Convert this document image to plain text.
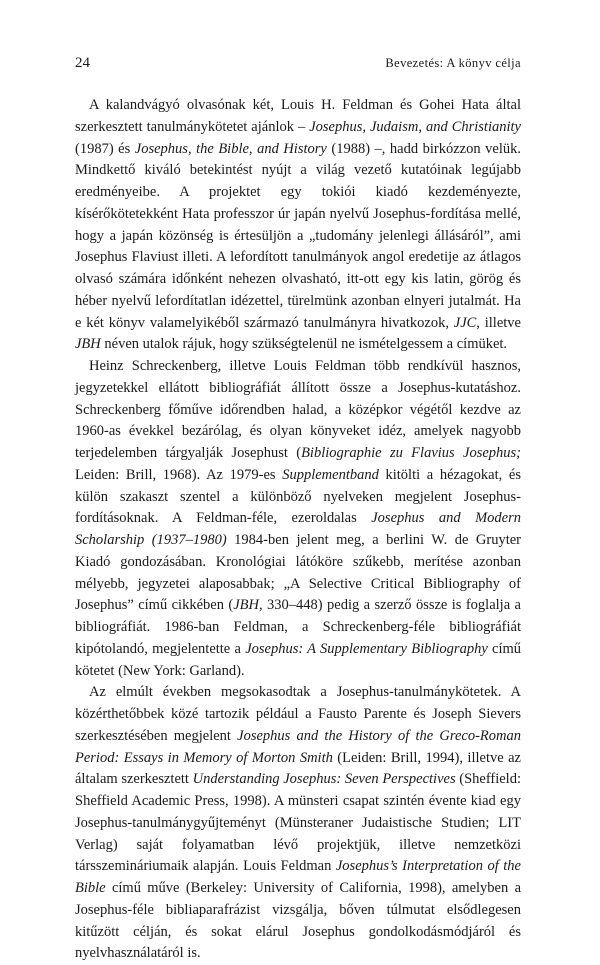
24	Bevezetés: A könyv célja

A kalandvágyó olvasónak két, Louis H. Feldman és Gohei Hata által szerkesztett tanulmánykötetet ajánlok – Josephus, Judaism, and Christianity (1987) és Josephus, the Bible, and History (1988) –, hadd birkózzon velük. Mindkettő kiváló betekintést nyújt a világ vezető kutatóinak legújabb eredményeibe. A projektet egy tokiói kiadó kezdeményezte, kísérőkötetekként Hata professzor úr japán nyelvű Josephus-fordítása mellé, hogy a japán közönség is értesüljön a „tudomány jelenlegi állásáról”, ami Josephus Flaviust illeti. A lefordított tanulmányok angol eredetije az átlagos olvasó számára időnként nehezen olvasható, itt-ott egy kis latin, görög és héber nyelvű lefordítatlan idézettel, türelmünk azonban elnyeri jutalmát. Ha e két könyv valamelyikéből származó tanulmányra hivatkozok, JJC, illetve JBH néven utalok rájuk, hogy szükségtelenül ne ismételgessem a címüket.

Heinz Schreckenberg, illetve Louis Feldman több rendkívül hasznos, jegyzetekkel ellátott bibliográfiát állított össze a Josephus-kutatáshoz. Schreckenberg főműve időrendben halad, a középkor végétől kezdve az 1960-as évekkel bezárólag, és olyan könyveket idéz, amelyek nagyobb terjedelemben tárgyalják Josephust (Bibliographie zu Flavius Josephus; Leiden: Brill, 1968). Az 1979-es Supplementband kitölti a hézagokat, és külön szakaszt szentel a különböző nyelveken megjelent Josephus-fordításoknak. A Feldman-féle, ezeroldalas Josephus and Modern Scholarship (1937–1980) 1984-ben jelent meg, a berlini W. de Gruyter Kiadó gondozásában. Kronológiai látóköre szűkebb, merítése azonban mélyebb, jegyzetei alaposabbak; „A Selective Critical Bibliography of Josephus” című cikkében (JBH, 330–448) pedig a szerző össze is foglalja a bibliográfiát. 1986-ban Feldman, a Schreckenberg-féle bibliográfiát kipótolandó, megjelentette a Josephus: A Supplementary Bibliography című kötetet (New York: Garland).

Az elmúlt években megsokasodtak a Josephus-tanulmánykötetek. A közérthetőbbek közé tartozik például a Fausto Parente és Joseph Sievers szerkesztésében megjelent Josephus and the History of the Greco-Roman Period: Essays in Memory of Morton Smith (Leiden: Brill, 1994), illetve az általam szerkesztett Understanding Josephus: Seven Perspectives (Sheffield: Sheffield Academic Press, 1998). A münsteri csapat szintén évente kiad egy Josephus-tanulmánygyűjteményt (Münsteraner Judaistische Studien; LIT Verlag) saját folyamatban lévő projektjük, illetve nemzetközi társszemináriumaik alapján. Louis Feldman Josephus’s Interpretation of the Bible című műve (Berkeley: University of California, 1998), amelyben a Josephus-féle bibliaparafrázist vizsgálja, bőven túlmutat elsődlegesen kitűzött célján, és sokat elárul Josephus gondolkodásmódjáról és nyelvhasználatáról is.
